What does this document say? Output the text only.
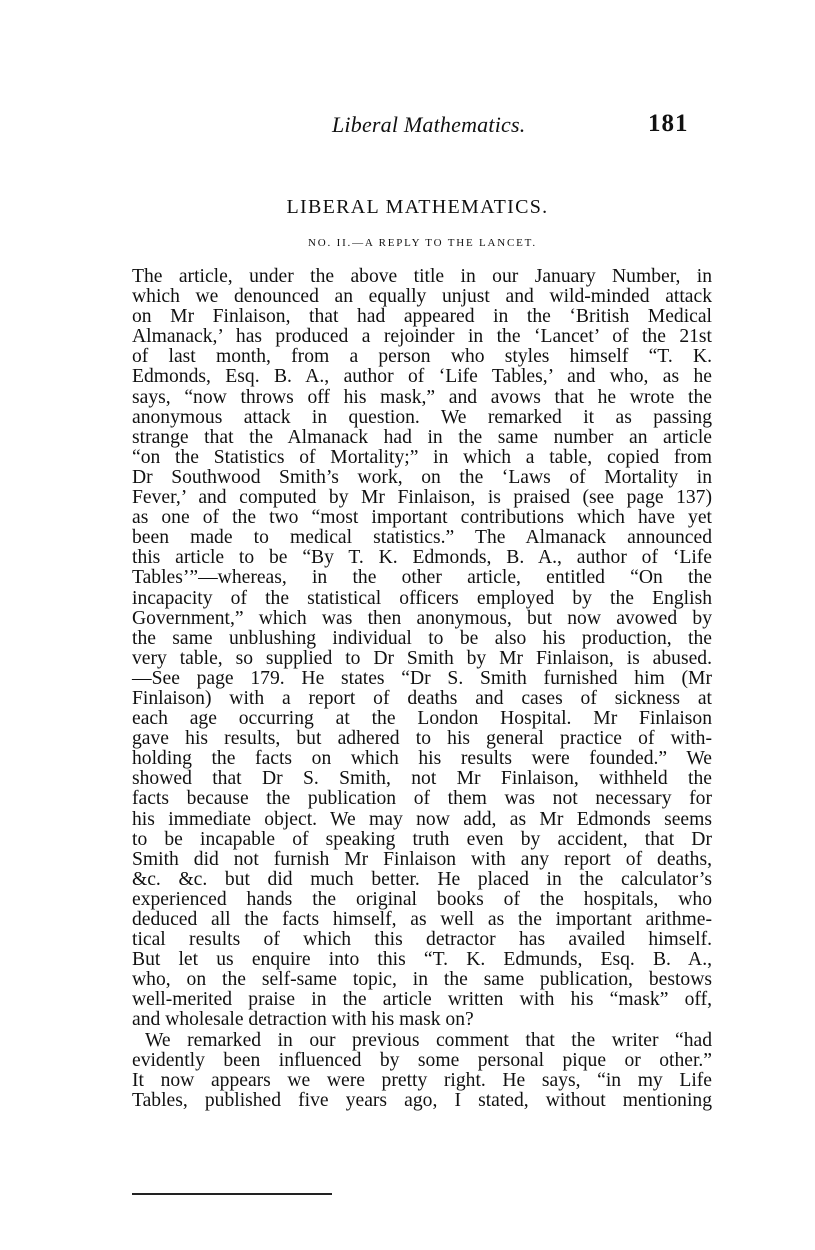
Liberal Mathematics.	181
LIBERAL MATHEMATICS.
NO. II.—A REPLY TO THE LANCET.
The article, under the above title in our January Number, in
which we denounced an equally unjust and wild-minded attack
on Mr Finlaison, that had appeared in the ‘British Medical
Almanack,’ has produced a rejoinder in the ‘Lancet’ of the 21st
of last month, from a person who styles himself “T. K.
Edmonds, Esq. B. A., author of ‘Life Tables,’ and who, as he
says, “now throws off his mask,” and avows that he wrote the
anonymous attack in question. We remarked it as passing
strange that the Almanack had in the same number an article
“on the Statistics of Mortality;” in which a table, copied from
Dr Southwood Smith’s work, on the ‘Laws of Mortality in
Fever,’ and computed by Mr Finlaison, is praised (see page 137)
as one of the two “most important contributions which have yet
been made to medical statistics.” The Almanack announced
this article to be “By T. K. Edmonds, B. A., author of ‘Life
Tables’”—whereas, in the other article, entitled “On the
incapacity of the statistical officers employed by the English
Government,” which was then anonymous, but now avowed by
the same unblushing individual to be also his production, the
very table, so supplied to Dr Smith by Mr Finlaison, is abused.
—See page 179. He states “Dr S. Smith furnished him (Mr
Finlaison) with a report of deaths and cases of sickness at
each age occurring at the London Hospital. Mr Finlaison
gave his results, but adhered to his general practice of with-
holding the facts on which his results were founded.” We
showed that Dr S. Smith, not Mr Finlaison, withheld the
facts because the publication of them was not necessary for
his immediate object. We may now add, as Mr Edmonds seems
to be incapable of speaking truth even by accident, that Dr
Smith did not furnish Mr Finlaison with any report of deaths,
&c. &c. but did much better. He placed in the calculator’s
experienced hands the original books of the hospitals, who
deduced all the facts himself, as well as the important arithme-
tical results of which this detractor has availed himself.
But let us enquire into this “T. K. Edmunds, Esq. B. A.,
who, on the self-same topic, in the same publication, bestows
well-merited praise in the article written with his “mask” off,
and wholesale detraction with his mask on?
We remarked in our previous comment that the writer “had
evidently been influenced by some personal pique or other.”
It now appears we were pretty right. He says, “in my Life
Tables, published five years ago, I stated, without mentioning
